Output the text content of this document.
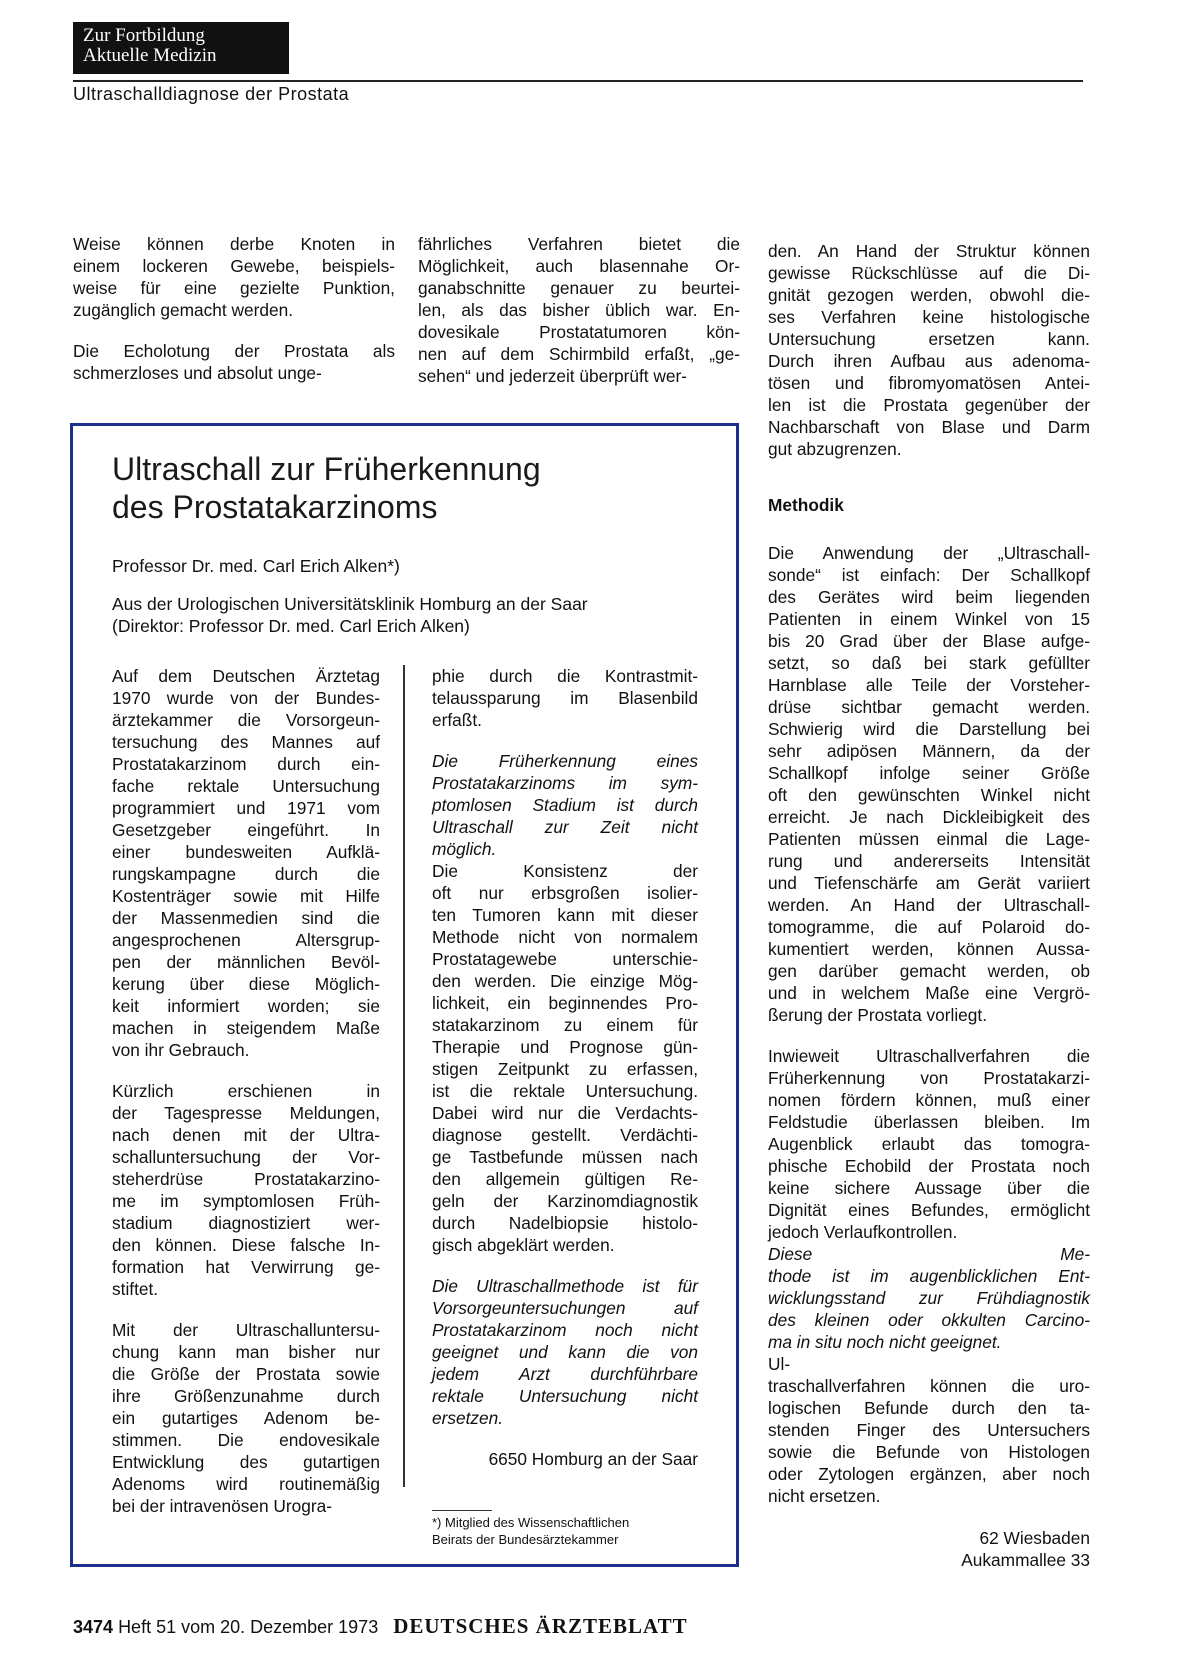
Zur Fortbildung
Aktuelle Medizin
Ultraschalldiagnose der Prostata

Weise können derbe Knoten in
einem lockeren Gewebe, beispiels-
weise für eine gezielte Punktion,
zugänglich gemacht werden.

Die Echolotung der Prostata als
schmerzloses und absolut unge-

fährliches Verfahren bietet die
Möglichkeit, auch blasennahe Or-
ganabschnitte genauer zu beurtei-
len, als das bisher üblich war. En-
dovesikale Prostatatumoren kön-
nen auf dem Schirmbild erfaßt, „ge-
sehen“ und jederzeit überprüft wer-

Ultraschall zur Früherkennung
des Prostatakarzinoms
Professor Dr. med. Carl Erich Alken*)
Aus der Urologischen Universitätsklinik Homburg an der Saar
(Direktor: Professor Dr. med. Carl Erich Alken)

Auf dem Deutschen Ärztetag
1970 wurde von der Bundes-
ärztekammer die Vorsorgeun-
tersuchung des Mannes auf
Prostatakarzinom durch ein-
fache rektale Untersuchung
programmiert und 1971 vom
Gesetzgeber eingeführt. In
einer bundesweiten Aufklä-
rungskampagne durch die
Kostenträger sowie mit Hilfe
der Massenmedien sind die
angesprochenen Altersgrup-
pen der männlichen Bevöl-
kerung über diese Möglich-
keit informiert worden; sie
machen in steigendem Maße
von ihr Gebrauch.

Kürzlich erschienen in
der Tagespresse Meldungen,
nach denen mit der Ultra-
schalluntersuchung der Vor-
steherdrüse Prostatakarzino-
me im symptomlosen Früh-
stadium diagnostiziert wer-
den können. Diese falsche In-
formation hat Verwirrung ge-
stiftet.

Mit der Ultraschalluntersu-
chung kann man bisher nur
die Größe der Prostata sowie
ihre Größenzunahme durch
ein gutartiges Adenom be-
stimmen. Die endovesikale
Entwicklung des gutartigen
Adenoms wird routinemäßig
bei der intravenösen Urogra-

phie durch die Kontrastmit-
telaussparung im Blasenbild
erfaßt.

Die Früherkennung eines
Prostatakarzinoms im sym-
ptomlosen Stadium ist durch
Ultraschall zur Zeit nicht
möglich.
Die Konsistenz der
oft nur erbsgroßen isolier-
ten Tumoren kann mit dieser
Methode nicht von normalem
Prostatagewebe unterschie-
den werden. Die einzige Mög-
lichkeit, ein beginnendes Pro-
statakarzinom zu einem für
Therapie und Prognose gün-
stigen Zeitpunkt zu erfassen,
ist die rektale Untersuchung.
Dabei wird nur die Verdachts-
diagnose gestellt. Verdächti-
ge Tastbefunde müssen nach
den allgemein gültigen Re-
geln der Karzinomdiagnostik
durch Nadelbiopsie histolo-
gisch abgeklärt werden.

Die Ultraschallmethode ist für
Vorsorgeuntersuchungen auf
Prostatakarzinom noch nicht
geeignet und kann die von
jedem Arzt durchführbare
rektale Untersuchung nicht
ersetzen.

6650 Homburg an der Saar
*) Mitglied des Wissenschaftlichen
Beirats der Bundesärztekammer

den. An Hand der Struktur können
gewisse Rückschlüsse auf die Di-
gnität gezogen werden, obwohl die-
ses Verfahren keine histologische
Untersuchung ersetzen kann.
Durch ihren Aufbau aus adenoma-
tösen und fibromyomatösen Antei-
len ist die Prostata gegenüber der
Nachbarschaft von Blase und Darm
gut abzugrenzen.

Methodik

Die Anwendung der „Ultraschall-
sonde“ ist einfach: Der Schallkopf
des Gerätes wird beim liegenden
Patienten in einem Winkel von 15
bis 20 Grad über der Blase aufge-
setzt, so daß bei stark gefüllter
Harnblase alle Teile der Vorsteher-
drüse sichtbar gemacht werden.
Schwierig wird die Darstellung bei
sehr adipösen Männern, da der
Schallkopf infolge seiner Größe
oft den gewünschten Winkel nicht
erreicht. Je nach Dickleibigkeit des
Patienten müssen einmal die Lage-
rung und andererseits Intensität
und Tiefenschärfe am Gerät variiert
werden. An Hand der Ultraschall-
tomogramme, die auf Polaroid do-
kumentiert werden, können Aussa-
gen darüber gemacht werden, ob
und in welchem Maße eine Vergrö-
ßerung der Prostata vorliegt.

Inwieweit Ultraschallverfahren die
Früherkennung von Prostatakarzi-
nomen fördern können, muß einer
Feldstudie überlassen bleiben. Im
Augenblick erlaubt das tomogra-
phische Echobild der Prostata noch
keine sichere Aussage über die
Dignität eines Befundes, ermöglicht
jedoch Verlaufkontrollen.
Diese Me-
thode ist im augenblicklichen Ent-
wicklungsstand zur Frühdiagnostik
des kleinen oder okkulten Carcino-
ma in situ noch nicht geeignet.
Ul-
traschallverfahren können die uro-
logischen Befunde durch den ta-
stenden Finger des Untersuchers
sowie die Befunde von Histologen
oder Zytologen ergänzen, aber noch
nicht ersetzen.

62 Wiesbaden
Aukammallee 33
3474 Heft 51 vom 20. Dezember 1973 DEUTSCHES ÄRZTEBLATT
